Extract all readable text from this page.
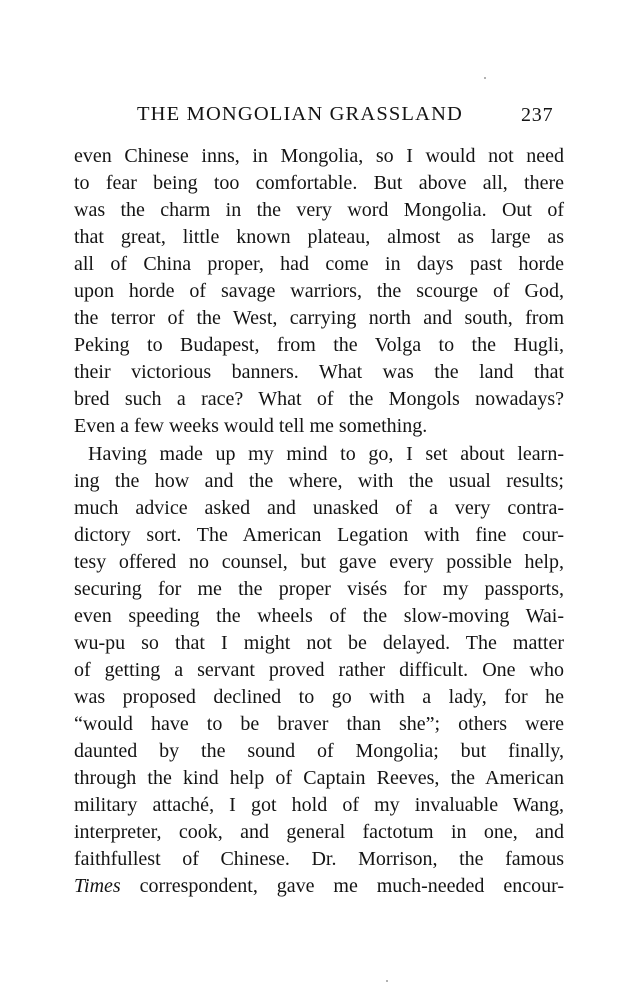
THE MONGOLIAN GRASSLAND	237
even Chinese inns, in Mongolia, so I would not need
to fear being too comfortable. But above all, there
was the charm in the very word Mongolia. Out of
that great, little known plateau, almost as large as
all of China proper, had come in days past horde
upon horde of savage warriors, the scourge of God,
the terror of the West, carrying north and south, from
Peking to Budapest, from the Volga to the Hugli,
their victorious banners. What was the land that
bred such a race? What of the Mongols nowadays?
Even a few weeks would tell me something.
Having made up my mind to go, I set about learn-
ing the how and the where, with the usual results;
much advice asked and unasked of a very contra-
dictory sort. The American Legation with fine cour-
tesy offered no counsel, but gave every possible help,
securing for me the proper visés for my passports,
even speeding the wheels of the slow-moving Wai-
wu-pu so that I might not be delayed. The matter
of getting a servant proved rather difficult. One who
was proposed declined to go with a lady, for he
“would have to be braver than she”; others were
daunted by the sound of Mongolia; but finally,
through the kind help of Captain Reeves, the American
military attaché, I got hold of my invaluable Wang,
interpreter, cook, and general factotum in one, and
faithfullest of Chinese. Dr. Morrison, the famous
Times correspondent, gave me much-needed encour-
